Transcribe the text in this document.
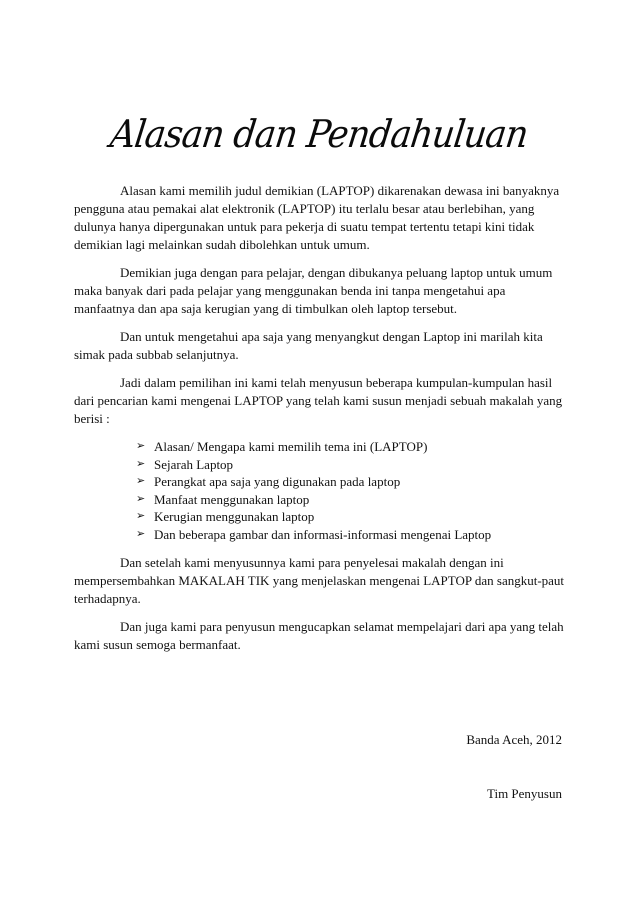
Alasan dan Pendahuluan

Alasan kami memilih judul demikian (LAPTOP) dikarenakan dewasa ini banyaknya pengguna atau pemakai alat elektronik (LAPTOP) itu terlalu besar atau berlebihan, yang dulunya hanya dipergunakan untuk para pekerja di suatu tempat tertentu tetapi kini tidak demikian lagi melainkan sudah dibolehkan untuk umum.

Demikian juga dengan para pelajar, dengan dibukanya peluang laptop untuk umum maka banyak dari pada pelajar yang menggunakan benda ini tanpa mengetahui apa manfaatnya dan apa saja kerugian yang di timbulkan oleh laptop tersebut.

Dan untuk mengetahui apa saja yang menyangkut dengan Laptop ini marilah kita simak pada subbab selanjutnya.

Jadi dalam pemilihan ini kami telah menyusun beberapa kumpulan-kumpulan hasil dari pencarian kami mengenai LAPTOP yang telah kami susun menjadi sebuah makalah yang berisi :

➢ Alasan/ Mengapa kami memilih tema ini (LAPTOP)
➢ Sejarah Laptop
➢ Perangkat apa saja yang digunakan pada laptop
➢ Manfaat menggunakan laptop
➢ Kerugian menggunakan laptop
➢ Dan beberapa gambar dan informasi-informasi mengenai Laptop

Dan setelah kami menyusunnya kami para penyelesai makalah dengan ini mempersembahkan MAKALAH TIK yang menjelaskan mengenai LAPTOP dan sangkut-paut terhadapnya.

Dan juga kami para penyusun mengucapkan selamat mempelajari dari apa yang telah kami susun semoga bermanfaat.

Banda Aceh, 2012
Tim Penyusun
